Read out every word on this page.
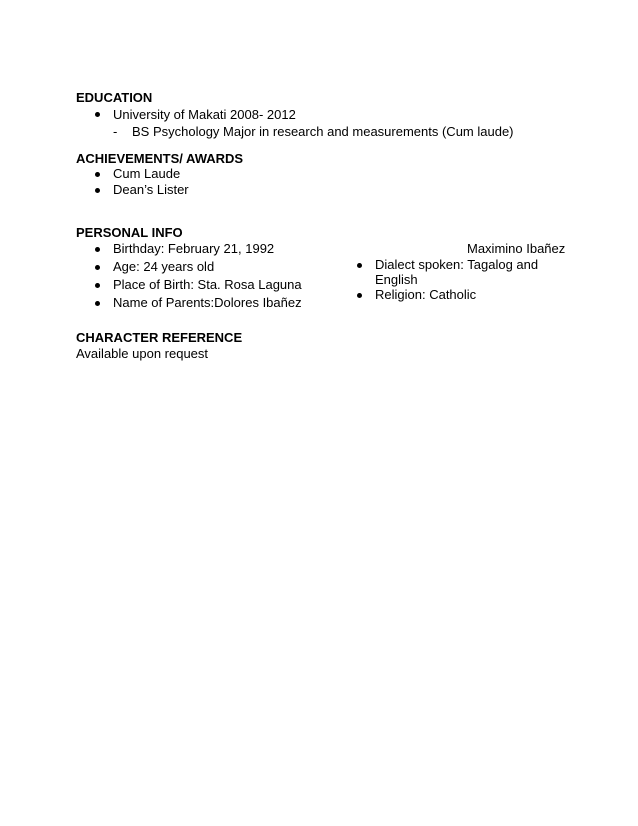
EDUCATION
University of Makati 2008- 2012
- BS Psychology Major in research and measurements (Cum laude)
ACHIEVEMENTS/ AWARDS
Cum Laude
Dean’s Lister
PERSONAL INFO
Birthday: February 21, 1992
Age: 24 years old
Place of Birth: Sta. Rosa Laguna
Name of Parents:Dolores Ibañez
Maximino Ibañez
Dialect spoken: Tagalog and
English
Religion: Catholic
CHARACTER REFERENCE
Available upon request
